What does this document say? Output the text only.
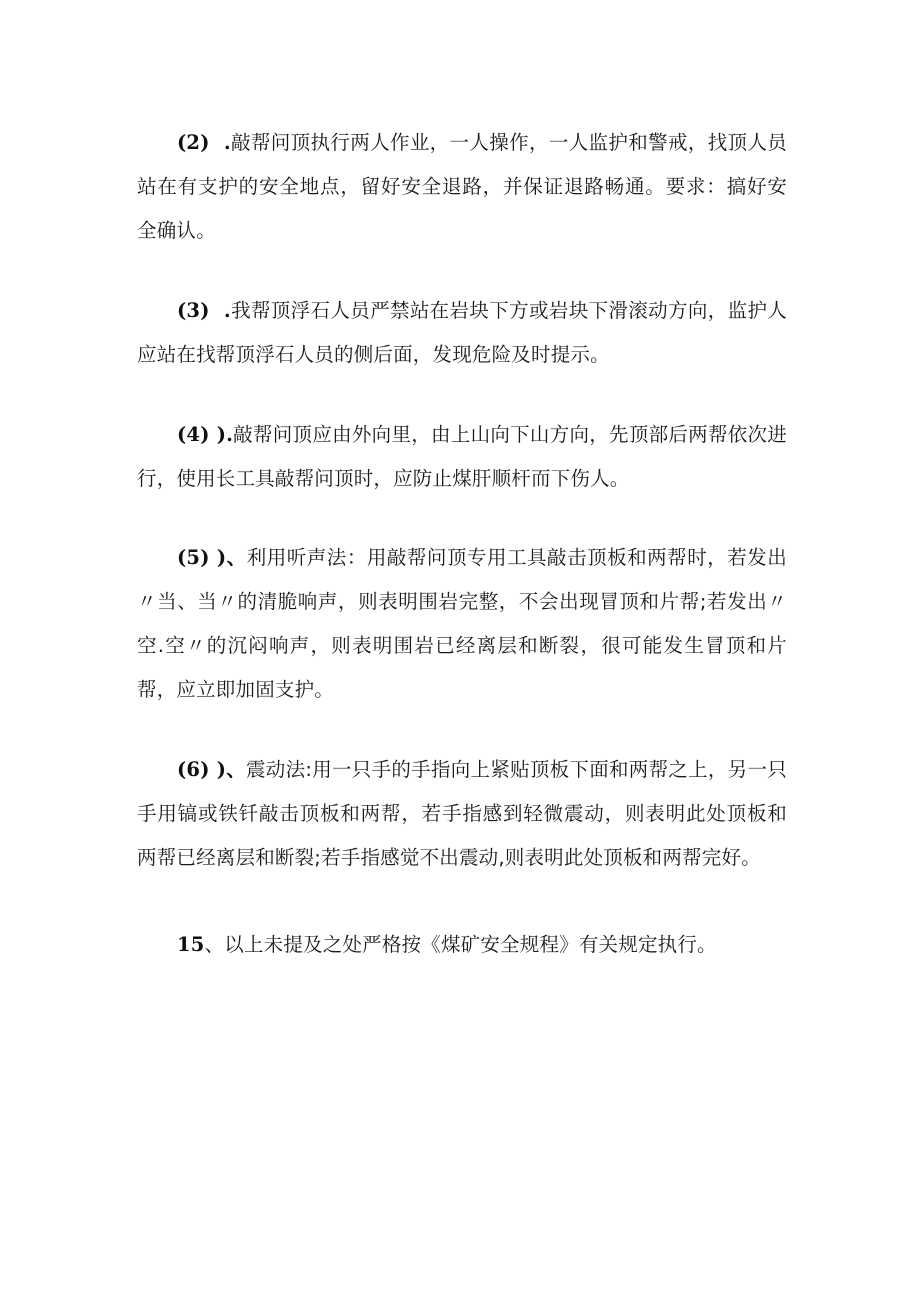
(2)  .敲帮问顶执行两人作业，一人操作，一人监护和警戒，找顶人员站在有支护的安全地点，留好安全退路，并保证退路畅通。要求：搞好安全确认。

(3)  .我帮顶浮石人员严禁站在岩块下方或岩块下滑滚动方向，监护人应站在找帮顶浮石人员的侧后面，发现危险及时提示。

(4) ).敲帮问顶应由外向里，由上山向下山方向，先顶部后两帮依次进行，使用长工具敲帮问顶时，应防止煤肝顺杆而下伤人。

(5) )、利用听声法：用敲帮问顶专用工具敲击顶板和两帮时，若发出〃当、当〃的清脆响声，则表明围岩完整，不会出现冒顶和片帮;若发出〃空.空〃的沉闷响声，则表明围岩已经离层和断裂，很可能发生冒顶和片帮，应立即加固支护。

(6) )、震动法:用一只手的手指向上紧贴顶板下面和两帮之上，另一只手用镐或铁钎敲击顶板和两帮，若手指感到轻微震动，则表明此处顶板和两帮已经离层和断裂;若手指感觉不出震动,则表明此处顶板和两帮完好。

15、以上未提及之处严格按《煤矿安全规程》有关规定执行。
